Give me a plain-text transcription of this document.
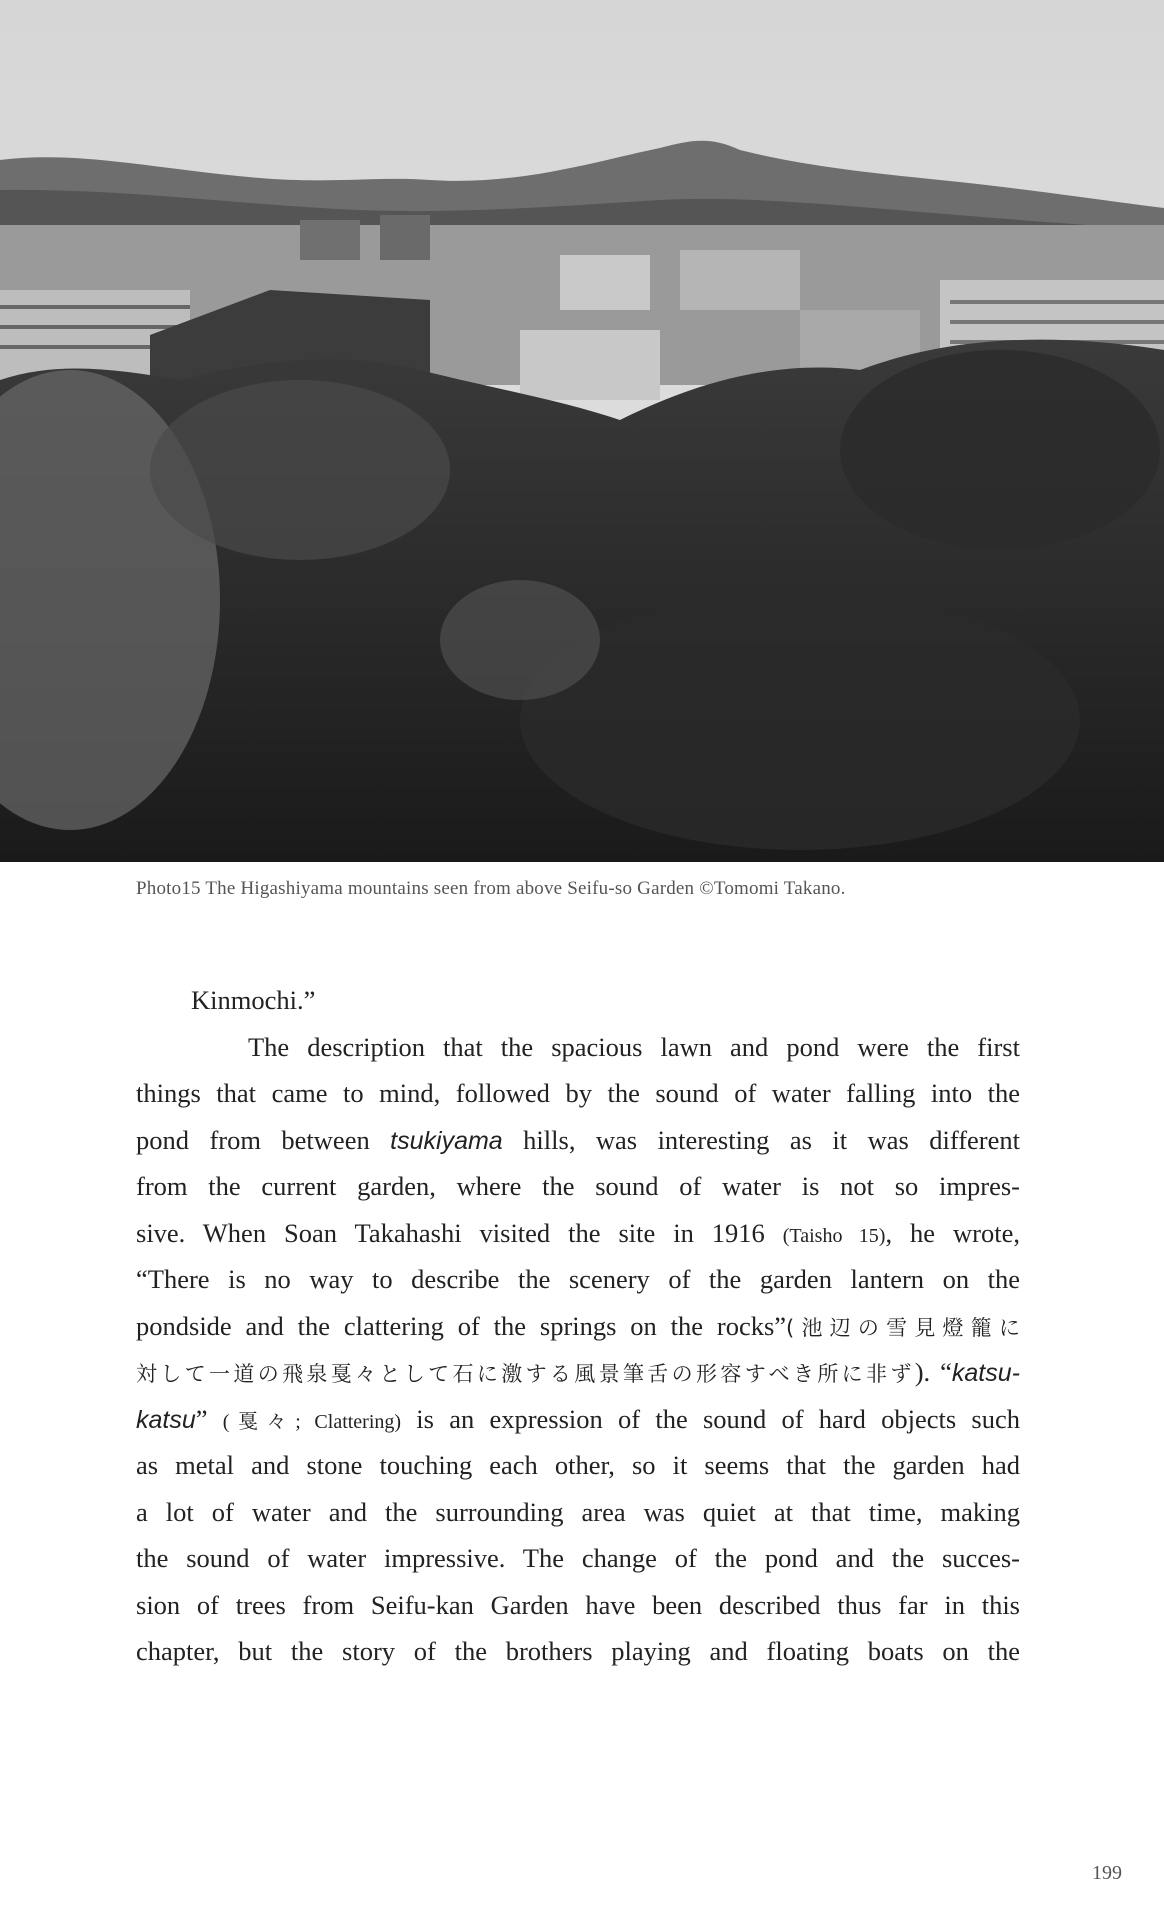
Photo15 The Higashiyama mountains seen from above Seifu-so Garden ©Tomomi Takano.
Kinmochi.”
The description that the spacious lawn and pond were the first
things that came to mind, followed by the sound of water falling into the
pond from between tsukiyama hills, was interesting as it was different
from the current garden, where the sound of water is not so impres-
sive. When Soan Takahashi visited the site in 1916 (Taisho 15), he wrote,
“There is no way to describe the scenery of the garden lantern on the
pondside and the clattering of the springs on the rocks”(池辺の雪見燈籠に
対して一道の飛泉戛々として石に激する風景筆舌の形容すべき所に非ず). “katsu-
katsu” (戛々; Clattering) is an expression of the sound of hard objects such
as metal and stone touching each other, so it seems that the garden had
a lot of water and the surrounding area was quiet at that time, making
the sound of water impressive. The change of the pond and the succes-
sion of trees from Seifu-kan Garden have been described thus far in this
chapter, but the story of the brothers playing and floating boats on the
199
